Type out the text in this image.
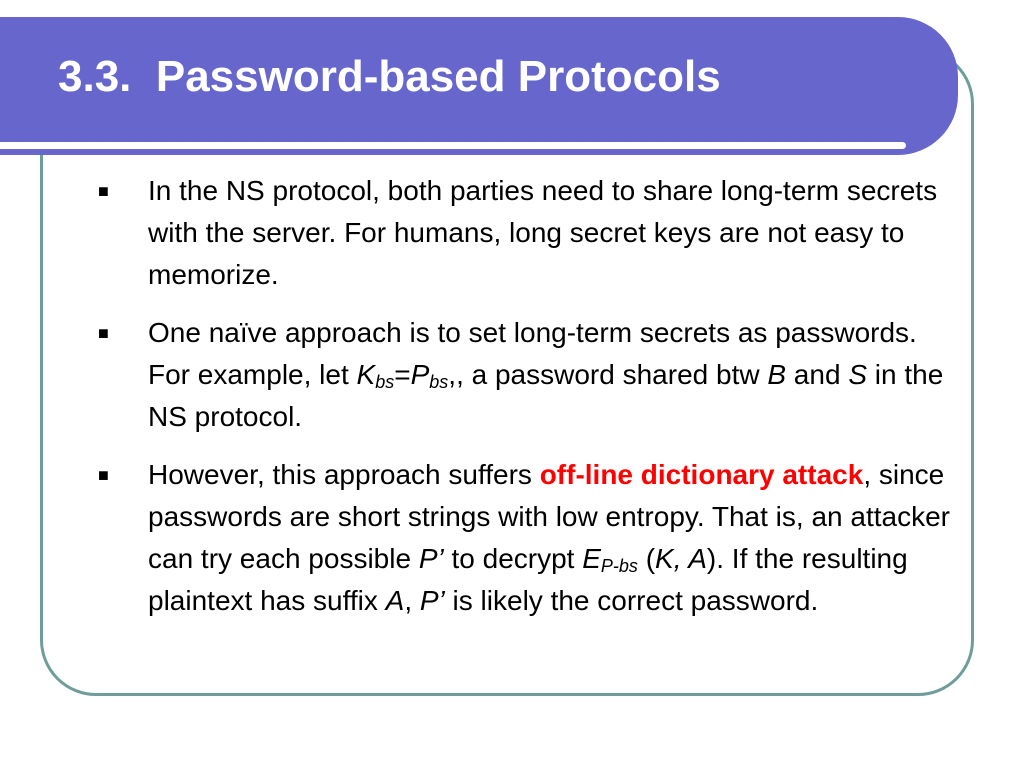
3.3.  Password-based Protocols
■ In the NS protocol, both parties need to share long-term secrets with the server. For humans, long secret keys are not easy to memorize.
■ One naïve approach is to set long-term secrets as passwords. For example, let $K_{bs}=P_{bs}$,, a password shared btw B and S in the NS protocol.
■ However, this approach suffers off-line dictionary attack, since passwords are short strings with low entropy. That is, an attacker can try each possible P’ to decrypt $E_{P-bs}$ (K, A). If the resulting plaintext has suffix A, P’ is likely the correct password.
